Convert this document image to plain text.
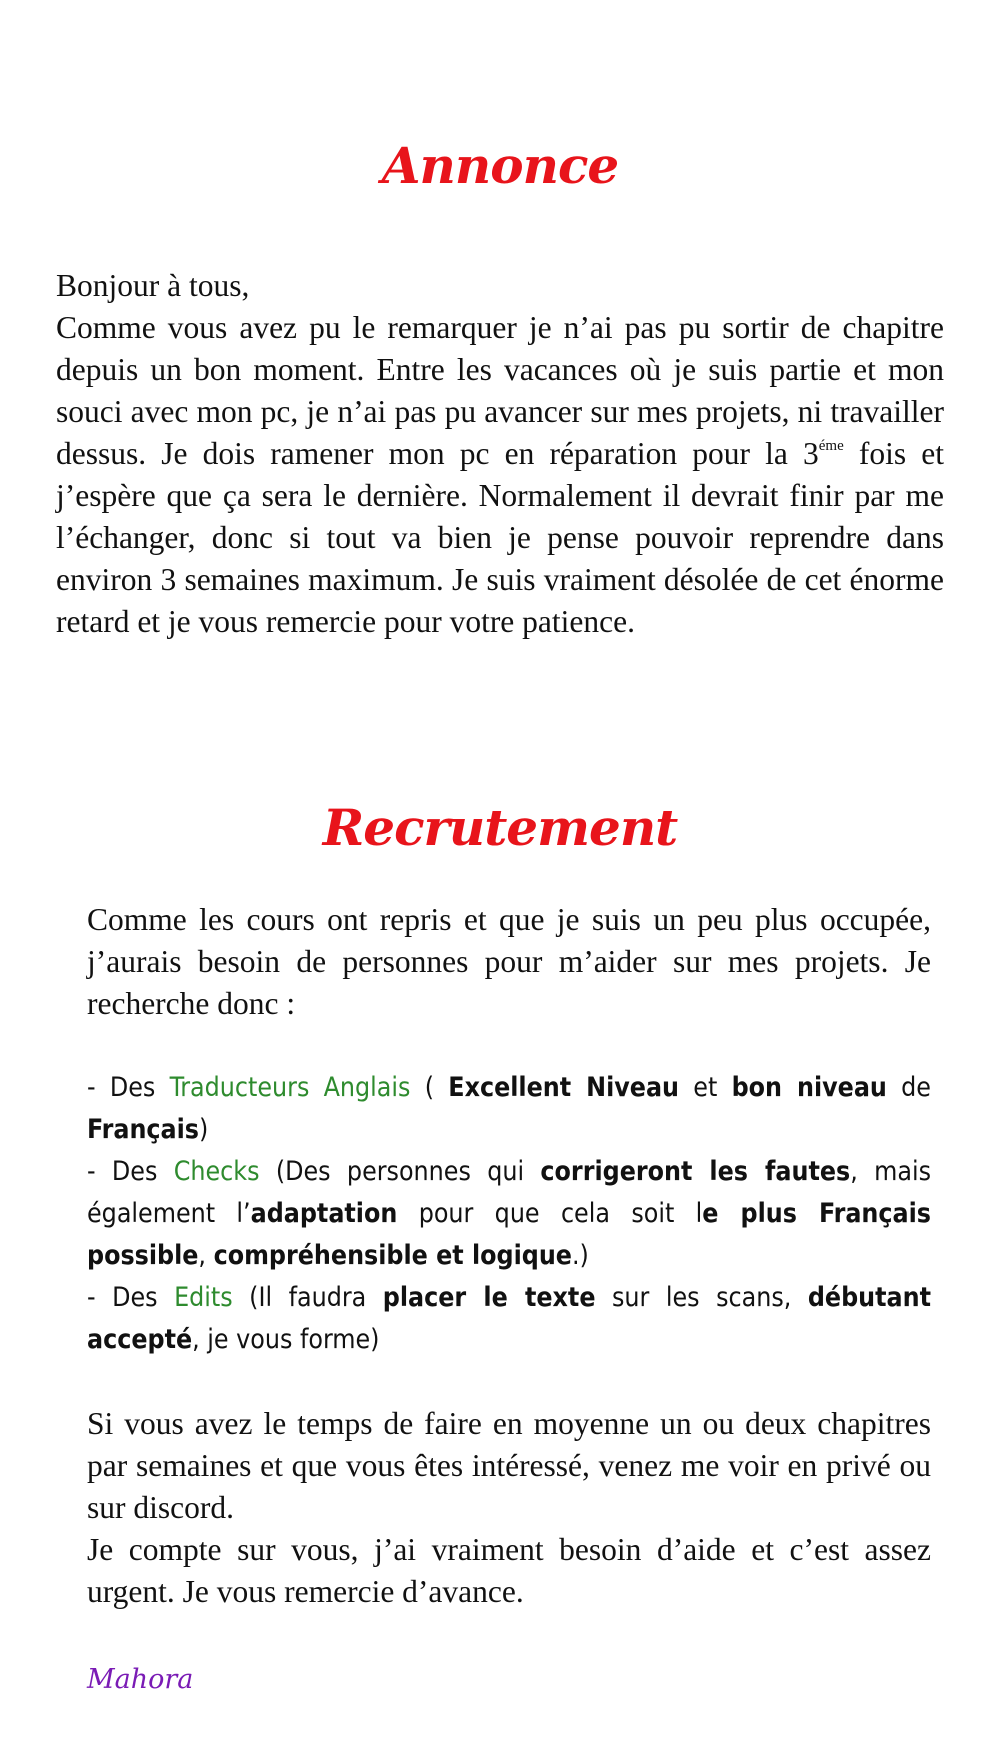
Annonce

Bonjour à tous,

Comme vous avez pu le remarquer je n’ai pas pu sortir de chapitre depuis un bon moment. Entre les vacances où je suis partie et mon souci avec mon pc, je n’ai pas pu avancer sur mes projets, ni travailler dessus. Je dois ramener mon pc en réparation pour la $3^{éme}$ fois et j’espère que ça sera le dernière. Normalement il devrait finir par me l’échanger, donc si tout va bien je pense pouvoir reprendre dans environ 3 semaines maximum. Je suis vraiment désolée de cet énorme retard et je vous remercie pour votre patience.

Recrutement

Comme les cours ont repris et que je suis un peu plus occupée, j’aurais besoin de personnes pour m’aider sur mes projets. Je recherche donc :

- Des Traducteurs Anglais ( Excellent Niveau et bon niveau de Français)

- Des Checks (Des personnes qui corrigeront les fautes, mais également l’adaptation pour que cela soit le plus Français possible, compréhensible et logique.)

- Des Edits (Il faudra placer le texte sur les scans, débutant accepté, je vous forme)

Si vous avez le temps de faire en moyenne un ou deux chapitres par semaines et que vous êtes intéressé, venez me voir en privé ou sur discord.

Je compte sur vous, j’ai vraiment besoin d’aide et c’est assez urgent. Je vous remercie d’avance.

Mahora
